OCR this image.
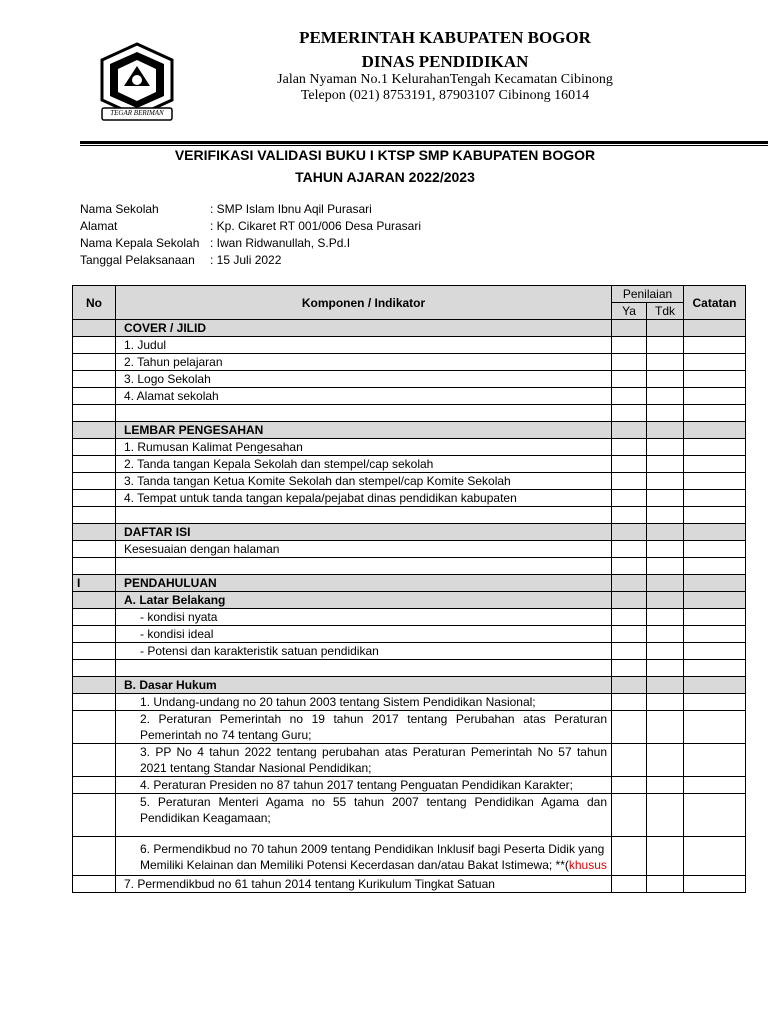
TEGAR BERIMAN
PEMERINTAH KABUPATEN BOGOR
DINAS PENDIDIKAN
Jalan Nyaman No.1 KelurahanTengah Kecamatan Cibinong
Telepon (021) 8753191, 87903107 Cibinong 16014
VERIFIKASI VALIDASI BUKU I KTSP SMP KABUPATEN BOGOR
TAHUN AJARAN 2022/2023
Nama Sekolah	: SMP Islam Ibnu Aqil Purasari
Alamat	: Kp. Cikaret RT 001/006 Desa Purasari
Nama Kepala Sekolah : Iwan Ridwanullah, S.Pd.I
Tanggal Pelaksanaan	: 15 Juli 2022
No	Komponen / Indikator	Penilaian		Catatan
		Ya	Tdk	
	COVER / JILID			
	1. Judul			
	2. Tahun pelajaran			
	3. Logo Sekolah			
	4. Alamat sekolah			

	LEMBAR PENGESAHAN			
	1. Rumusan Kalimat Pengesahan			
	2. Tanda tangan Kepala Sekolah dan stempel/cap sekolah			
	3. Tanda tangan Ketua Komite Sekolah dan stempel/cap Komite Sekolah			
	4. Tempat untuk tanda tangan kepala/pejabat dinas pendidikan kabupaten			

	DAFTAR ISI			
	Kesesuaian dengan halaman			

I	PENDAHULUAN			
	A. Latar Belakang			
	- kondisi nyata			
	- kondisi ideal			
	- Potensi dan karakteristik satuan pendidikan			

	B. Dasar Hukum			
	1. Undang-undang no 20 tahun 2003 tentang Sistem Pendidikan Nasional;			
	2. Peraturan Pemerintah no 19 tahun 2017 tentang Perubahan atas Peraturan Pemerintah no 74 tentang Guru;			
	3. PP No 4 tahun 2022 tentang perubahan atas Peraturan Pemerintah No 57 tahun 2021 tentang Standar Nasional Pendidikan;			
	4. Peraturan Presiden no 87 tahun 2017 tentang Penguatan Pendidikan Karakter;			
	5. Peraturan Menteri Agama no 55 tahun 2007 tentang Pendidikan Agama dan Pendidikan Keagamaan;			

	6. Permendikbud no 70 tahun 2009 tentang Pendidikan Inklusif bagi Peserta Didik yang Memiliki Kelainan dan Memiliki Potensi Kecerdasan dan/atau Bakat Istimewa; **(khusus			

	7. Permendikbud no 61 tahun 2014 tentang Kurikulum Tingkat Satuan			
